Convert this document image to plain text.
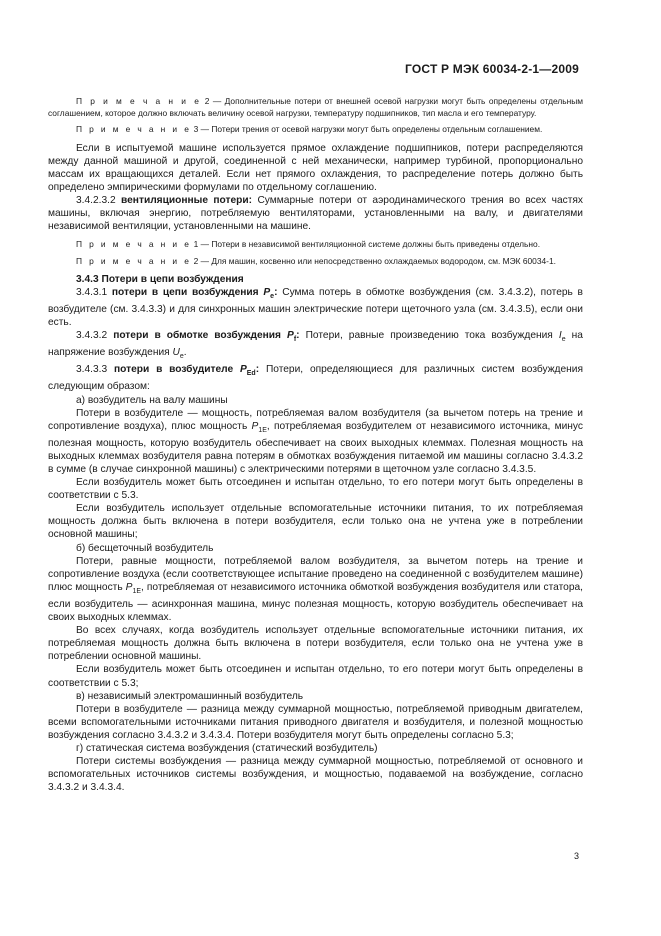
ГОСТ Р МЭК 60034-2-1—2009

П р и м е ч а н и е 2 — Дополнительные потери от внешней осевой нагрузки могут быть определены отдельным соглашением, которое должно включать величину осевой нагрузки, температуру подшипников, тип масла и его температуру.

П р и м е ч а н и е 3 — Потери трения от осевой нагрузки могут быть определены отдельным соглашением.

Если в испытуемой машине используется прямое охлаждение подшипников, потери распределяются между данной машиной и другой, соединенной с ней механически, например турбиной, пропорционально массам их вращающихся деталей. Если нет прямого охлаждения, то распределение потерь должно быть определено эмпирическими формулами по отдельному соглашению.

3.4.2.3.2 вентиляционные потери: Суммарные потери от аэродинамического трения во всех частях машины, включая энергию, потребляемую вентиляторами, установленными на валу, и двигателями независимой вентиляции, установленными на машине.

П р и м е ч а н и е 1 — Потери в независимой вентиляционной системе должны быть приведены отдельно.

П р и м е ч а н и е 2 — Для машин, косвенно или непосредственно охлаждаемых водородом, см. МЭК 60034-1.

3.4.3 Потери в цепи возбуждения

3.4.3.1 потери в цепи возбуждения $P_e$: Сумма потерь в обмотке возбуждения (см. 3.4.3.2), потерь в возбудителе (см. 3.4.3.3) и для синхронных машин электрические потери щеточного узла (см. 3.4.3.5), если они есть.

3.4.3.2 потери в обмотке возбуждения $P_f$: Потери, равные произведению тока возбуждения $I_e$ на напряжение возбуждения $U_e$.

3.4.3.3 потери в возбудителе $P_{Ed}$: Потери, определяющиеся для различных систем возбуждения следующим образом:

а) возбудитель на валу машины

Потери в возбудителе — мощность, потребляемая валом возбудителя (за вычетом потерь на трение и сопротивление воздуха), плюс мощность $P_{1E}$, потребляемая возбудителем от независимого источника, минус полезная мощность, которую возбудитель обеспечивает на своих выходных клеммах. Полезная мощность на выходных клеммах возбудителя равна потерям в обмотках возбуждения питаемой им машины согласно 3.4.3.2 в сумме (в случае синхронной машины) с электрическими потерями в щеточном узле согласно 3.4.3.5.

Если возбудитель может быть отсоединен и испытан отдельно, то его потери могут быть определены в соответствии с 5.3.

Если возбудитель использует отдельные вспомогательные источники питания, то их потребляемая мощность должна быть включена в потери возбудителя, если только она не учтена уже в потреблении основной машины;

б) бесщеточный возбудитель

Потери, равные мощности, потребляемой валом возбудителя, за вычетом потерь на трение и сопротивление воздуха (если соответствующее испытание проведено на соединенной с возбудителем машине) плюс мощность $P_{1E}$, потребляемая от независимого источника обмоткой возбуждения возбудителя или статора, если возбудитель — асинхронная машина, минус полезная мощность, которую возбудитель обеспечивает на своих выходных клеммах.

Во всех случаях, когда возбудитель использует отдельные вспомогательные источники питания, их потребляемая мощность должна быть включена в потери возбудителя, если только она не учтена уже в потреблении основной машины.

Если возбудитель может быть отсоединен и испытан отдельно, то его потери могут быть определены в соответствии с 5.3;

в) независимый электромашинный возбудитель

Потери в возбудителе — разница между суммарной мощностью, потребляемой приводным двигателем, всеми вспомогательными источниками питания приводного двигателя и возбудителя, и полезной мощностью возбуждения согласно 3.4.3.2 и 3.4.3.4. Потери возбудителя могут быть определены согласно 5.3;

г) статическая система возбуждения (статический возбудитель)

Потери системы возбуждения — разница между суммарной мощностью, потребляемой от основного и вспомогательных источников системы возбуждения, и мощностью, подаваемой на возбуждение, согласно 3.4.3.2 и 3.4.3.4.

3
